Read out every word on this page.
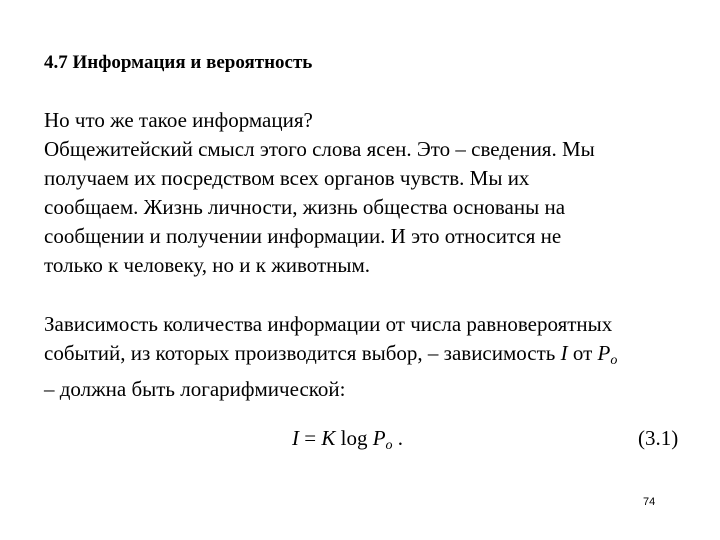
4.7 Информация и вероятность
Но что же такое информация?
Общежитейский смысл этого слова ясен. Это – сведения. Мы
получаем их посредством всех органов чувств. Мы их
сообщаем. Жизнь личности, жизнь общества основаны на
сообщении и получении информации. И это относится не
только к человеку, но и к животным.
Зависимость количества информации от числа равновероятных
событий, из которых производится выбор, – зависимость I от Po
– должна быть логарифмической:
I = K $\log P_o$ .	(3.1)
74
